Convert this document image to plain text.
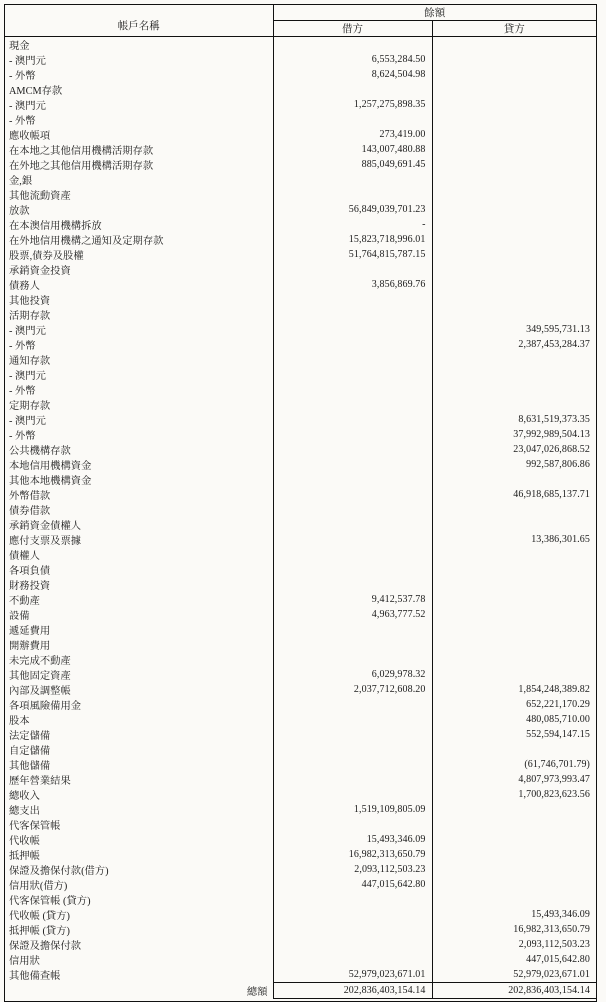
帳戶名稱	餘額	
	借方	貸方
現金		
- 澳門元	6,553,284.50	
- 外幣	8,624,504.98	
AMCM存款		
- 澳門元	1,257,275,898.35	
- 外幣		
應收帳項	273,419.00	
在本地之其他信用機構活期存款	143,007,480.88	
在外地之其他信用機構活期存款	885,049,691.45	
金,銀		
其他流動資產		
放款	56,849,039,701.23	
在本澳信用機構拆放	-	
在外地信用機構之通知及定期存款	15,823,718,996.01	
股票,債券及股權	51,764,815,787.15	
承銷資金投資		
債務人	3,856,869.76	
其他投資		
活期存款		
- 澳門元		349,595,731.13
- 外幣		2,387,453,284.37
通知存款		
- 澳門元		
- 外幣		
定期存款		
- 澳門元		8,631,519,373.35
- 外幣		37,992,989,504.13
公共機構存款		23,047,026,868.52
本地信用機構資金		992,587,806.86
其他本地機構資金		
外幣借款		46,918,685,137.71
債券借款		
承銷資金債權人		
應付支票及票據		13,386,301.65
債權人		
各項負債		
財務投資		
不動產	9,412,537.78	
設備	4,963,777.52	
遞延費用		
開辦費用		
未完成不動產		
其他固定資產	6,029,978.32	
內部及調整帳	2,037,712,608.20	1,854,248,389.82
各項風險備用金		652,221,170.29
股本		480,085,710.00
法定儲備		552,594,147.15
自定儲備		
其他儲備		(61,746,701.79)
歷年營業結果		4,807,973,993.47
總收入		1,700,823,623.56
總支出	1,519,109,805.09	
代客保管帳		
代收帳	15,493,346.09	
抵押帳	16,982,313,650.79	
保證及擔保付款(借方)	2,093,112,503.23	
信用狀(借方)	447,015,642.80	
代客保管帳 (貸方)		
代收帳 (貸方)		15,493,346.09
抵押帳 (貸方)		16,982,313,650.79
保證及擔保付款		2,093,112,503.23
信用狀		447,015,642.80
其他備查帳	52,979,023,671.01	52,979,023,671.01
總額	202,836,403,154.14	202,836,403,154.14
